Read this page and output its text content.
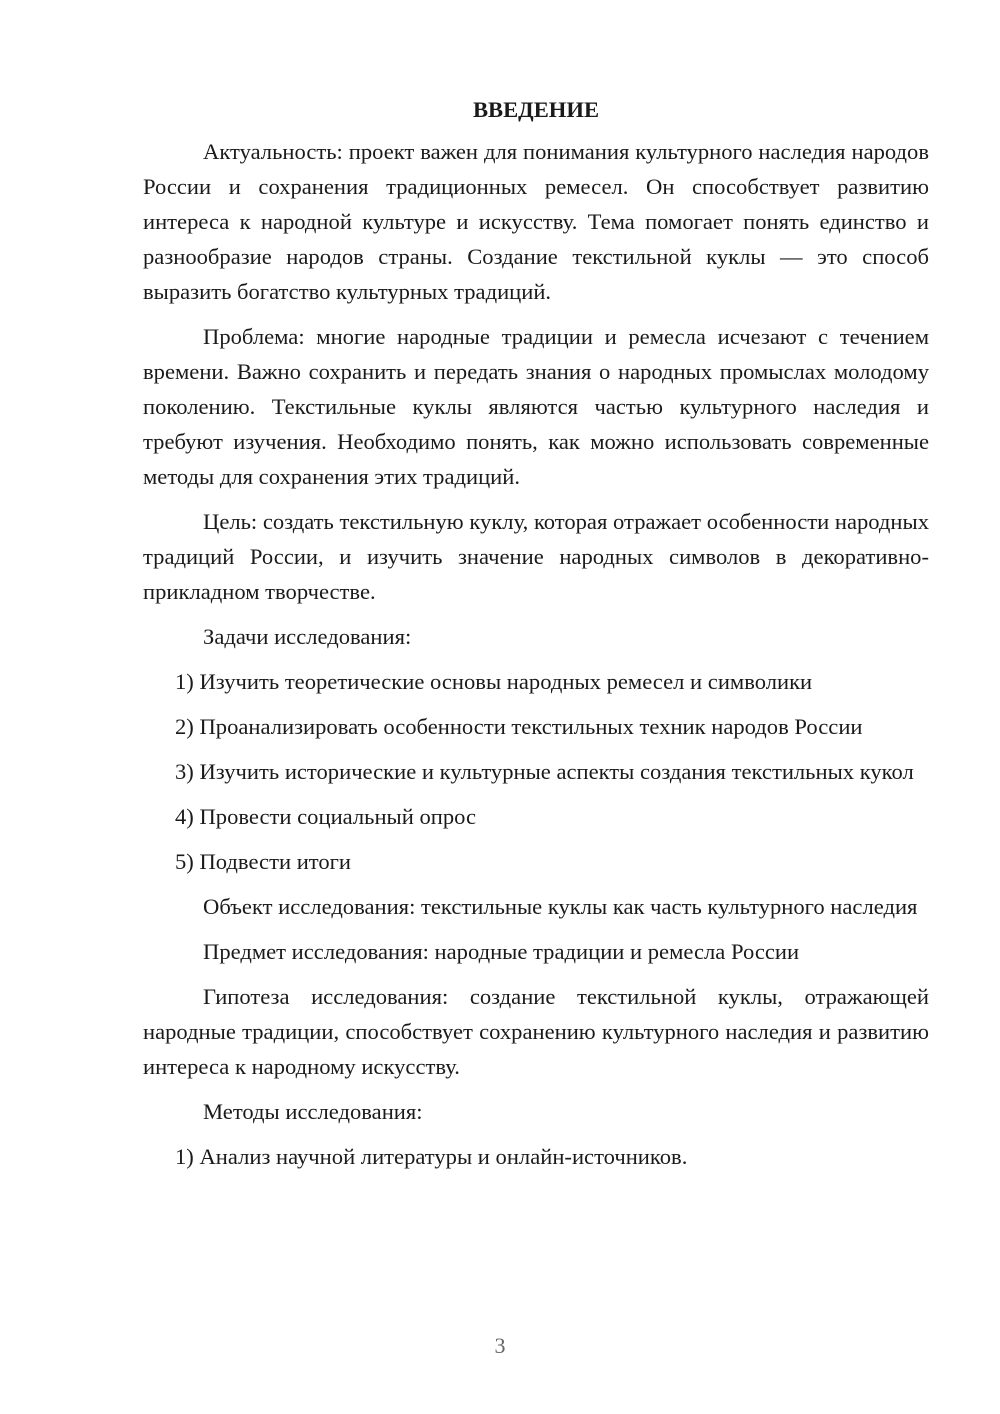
ВВЕДЕНИЕ

Актуальность: проект важен для понимания культурного наследия народов России и сохранения традиционных ремесел. Он способствует развитию интереса к народной культуре и искусству. Тема помогает понять единство и разнообразие народов страны. Создание текстильной куклы — это способ выразить богатство культурных традиций.

Проблема: многие народные традиции и ремесла исчезают с течением времени. Важно сохранить и передать знания о народных промыслах молодому поколению. Текстильные куклы являются частью культурного наследия и требуют изучения. Необходимо понять, как можно использовать современные методы для сохранения этих традиций.

Цель: создать текстильную куклу, которая отражает особенности народных традиций России, и изучить значение народных символов в декоративно-прикладном творчестве.

Задачи исследования:

1) Изучить теоретические основы народных ремесел и символики

2) Проанализировать особенности текстильных техник народов России

3) Изучить исторические и культурные аспекты создания текстильных кукол

4) Провести социальный опрос

5) Подвести итоги

Объект исследования: текстильные куклы как часть культурного наследия

Предмет исследования: народные традиции и ремесла России

Гипотеза исследования: создание текстильной куклы, отражающей народные традиции, способствует сохранению культурного наследия и развитию интереса к народному искусству.

Методы исследования:

1) Анализ научной литературы и онлайн-источников.

3
